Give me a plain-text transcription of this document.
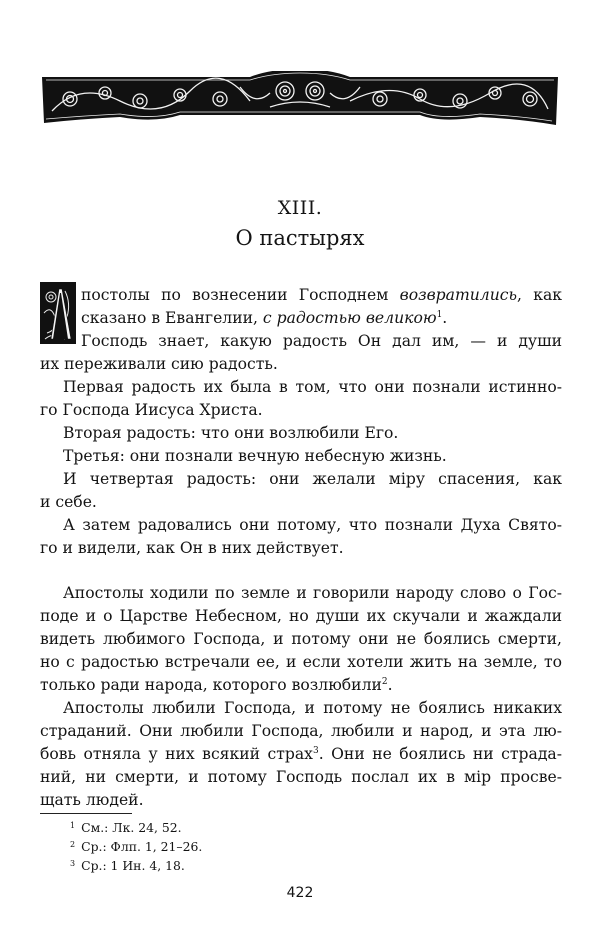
XIII.
О пастырях
постолы по вознесении Господнем возвратились, как
сказано в Евангелии, с радостью великою$^1$.
Господь знает, какую радость Он дал им, — и души
их переживали сию радость.
Первая радость их была в том, что они познали истинно-
го Господа Иисуса Христа.
Вторая радость: что они возлюбили Его.
Третья: они познали вечную небесную жизнь.
И четвертая радость: они желали міру спасения, как
и себе.
А затем радовались они потому, что познали Духа Свято-
го и видели, как Он в них действует.
Апостолы ходили по земле и говорили народу слово о Гос-
поде и о Царстве Небесном, но души их скучали и жаждали
видеть любимого Господа, и потому они не боялись смерти,
но с радостью встречали ее, и если хотели жить на земле, то
только ради народа, которого возлюбили$^2$.
Апостолы любили Господа, и потому не боялись никаких
страданий. Они любили Господа, любили и народ, и эта лю-
бовь отняла у них всякий страх$^3$. Они не боялись ни страда-
ний, ни смерти, и потому Господь послал их в міp просве-
щать людей.
$^1$ См.: Лк. 24, 52.
$^2$ Ср.: Флп. 1, 21–26.
$^3$ Ср.: 1 Ин. 4, 18.
422
